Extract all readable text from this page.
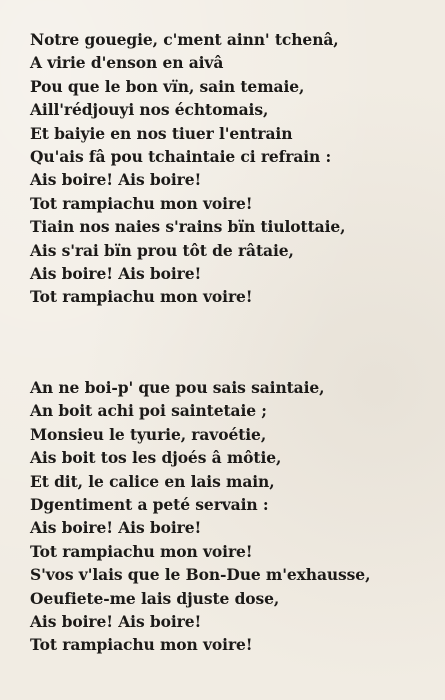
Notre gouegie, c'ment ainn' tchenâ,
A virie d'enson en aivâ
Pou que le bon vïn, sain temaie,
Aill'rédjouyi nos échtomais,
Et baiyie en nos tiuer l'entrain
Qu'ais fâ pou tchaintaie ci refrain :
Ais boire! Ais boire!
Tot rampiachu mon voire!
Tiain nos naies s'rains bïn tiulottaie,
Ais s'rai bïn prou tôt de râtaie,
Ais boire! Ais boire!
Tot rampiachu mon voire!
An ne boi-p' que pou sais saintaie,
An boit achi poi saintetaie ;
Monsieu le tyurie, ravoétie,
Ais boit tos les djoés â môtie,
Et dit, le calice en lais main,
Dgentiment a peté servain :
Ais boire! Ais boire!
Tot rampiachu mon voire!
S'vos v'lais que le Bon-Due m'exhausse,
Oeufiete-me lais djuste dose,
Ais boire! Ais boire!
Tot rampiachu mon voire!
